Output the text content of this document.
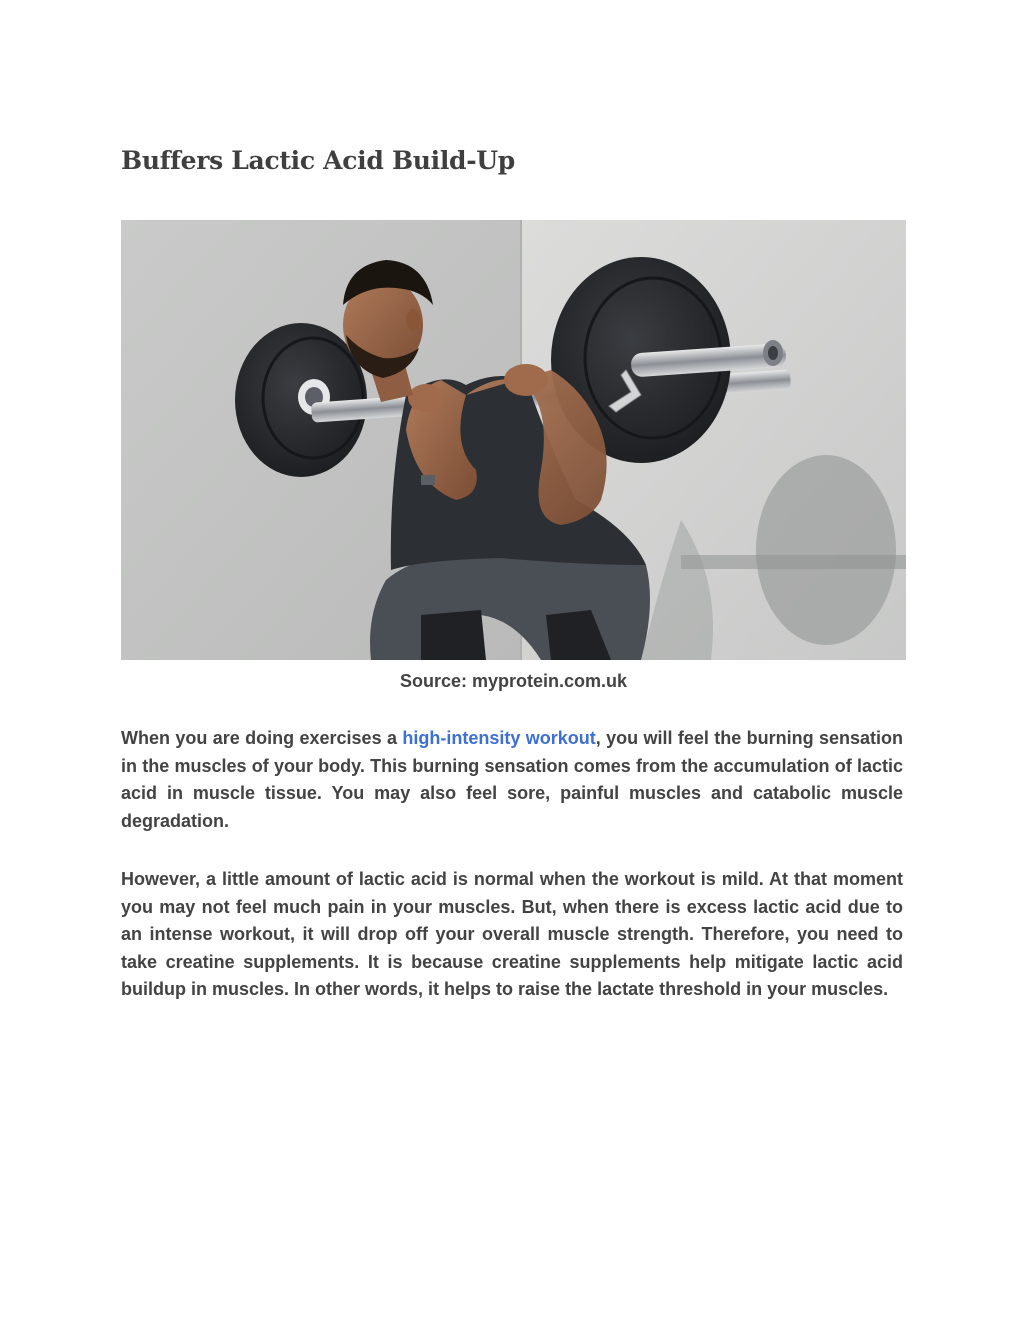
Buffers Lactic Acid Build-Up
Source: myprotein.com.uk

When you are doing exercises a high-intensity workout, you will feel the burning sensation in the muscles of your body. This burning sensation comes from the accumulation of lactic acid in muscle tissue. You may also feel sore, painful muscles and catabolic muscle degradation.

However, a little amount of lactic acid is normal when the workout is mild. At that moment you may not feel much pain in your muscles. But, when there is excess lactic acid due to an intense workout, it will drop off your overall muscle strength. Therefore, you need to take creatine supplements. It is because creatine supplements help mitigate lactic acid buildup in muscles. In other words, it helps to raise the lactate threshold in your muscles.
